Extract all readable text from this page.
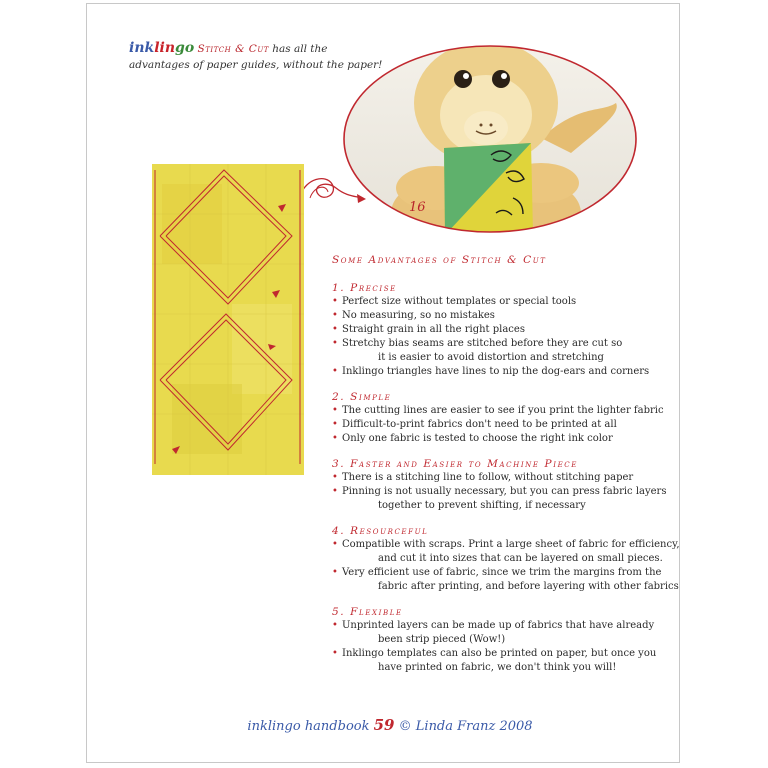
inklingo Stitch & Cut has all the
advantages of paper guides, without the paper!
16
Some Advantages of Stitch & Cut
1. Precise
• Perfect size without templates or special tools
• No measuring, so no mistakes
• Straight grain in all the right places
• Stretchy bias seams are stitched before they are cut so
it is easier to avoid distortion and stretching
• Inklingo triangles have lines to nip the dog-ears and corners
2. Simple
• The cutting lines are easier to see if you print the lighter fabric
• Difficult-to-print fabrics don't need to be printed at all
• Only one fabric is tested to choose the right ink color
3. Faster and Easier to Machine Piece
• There is a stitching line to follow, without stitching paper
• Pinning is not usually necessary, but you can press fabric layers
together to prevent shifting, if necessary
4. Resourceful
• Compatible with scraps. Print a large sheet of fabric for efficiency,
and cut it into sizes that can be layered on small pieces.
• Very efficient use of fabric, since we trim the margins from the
fabric after printing, and before layering with other fabrics
5. Flexible
• Unprinted layers can be made up of fabrics that have already
been strip pieced (Wow!)
• Inklingo templates can also be printed on paper, but once you
have printed on fabric, we don't think you will!
inklingo handbook 59 © Linda Franz 2008
